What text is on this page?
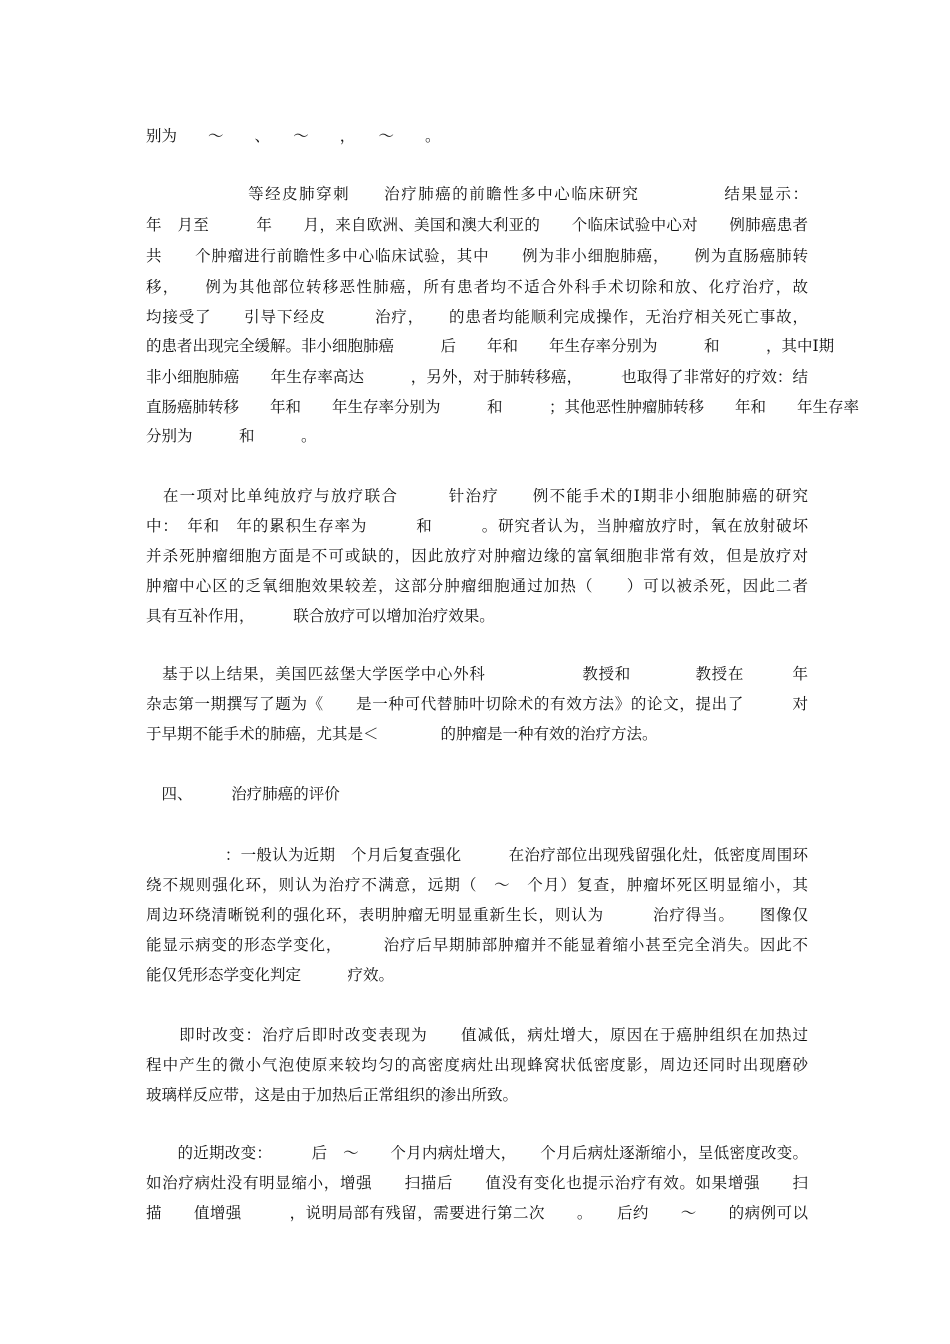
别为　　～　　、　　～　　，　　～　　。

　　　　　　等经皮肺穿刺　　治疗肺癌的前瞻性多中心临床研究　　　　　结果显示：

年　月至　　　年　　月，来自欧洲、美国和澳大利亚的　　个临床试验中心对　　例肺癌患者

共　　个肿瘤进行前瞻性多中心临床试验，其中　　例为非小细胞肺癌，　　例为直肠癌肺转

移，　　例为其他部位转移恶性肺癌，所有患者均不适合外科手术切除和放、化疗治疗，故

均接受了　　引导下经皮　　　治疗，　　的患者均能顺利完成操作，无治疗相关死亡事故，

的患者出现完全缓解。非小细胞肺癌　　　后　　年和　　年生存率分别为　　　和　　　，其中Ⅰ期

非小细胞肺癌　　年生存率高达　　　，另外，对于肺转移癌，　　　也取得了非常好的疗效：结

直肠癌肺转移　　年和　　年生存率分别为　　　和　　　；其他恶性肿瘤肺转移　　年和　　年生存率

分别为　　　和　　　。

　在一项对比单纯放疗与放疗联合　　　针治疗　　例不能手术的Ⅰ期非小细胞肺癌的研究

中：　年和　年的累积生存率为　　　和　　　。研究者认为，当肿瘤放疗时，氧在放射破坏

并杀死肿瘤细胞方面是不可或缺的，因此放疗对肿瘤边缘的富氧细胞非常有效，但是放疗对

肿瘤中心区的乏氧细胞效果较差，这部分肿瘤细胞通过加热（　　）可以被杀死，因此二者

具有互补作用，　　　联合放疗可以增加治疗效果。

　基于以上结果，美国匹兹堡大学医学中心外科　　　　　　教授和　　　　教授在　　　年

杂志第一期撰写了题为《　　是一种可代替肺叶切除术的有效方法》的论文，提出了　　　对

于早期不能手术的肺癌，尤其是＜　　　　的肿瘤是一种有效的治疗方法。

　四、　　　治疗肺癌的评价

　　　　　：一般认为近期　个月后复查强化　　　在治疗部位出现残留强化灶，低密度周围环

绕不规则强化环，则认为治疗不满意，远期（　～　个月）复查，肿瘤坏死区明显缩小，其

周边环绕清晰锐利的强化环，表明肿瘤无明显重新生长，则认为　　　治疗得当。　　图像仅

能显示病变的形态学变化，　　　治疗后早期肺部肿瘤并不能显着缩小甚至完全消失。因此不

能仅凭形态学变化判定　　　疗效。

　　即时改变：治疗后即时改变表现为　　值减低，病灶增大，原因在于癌肿组织在加热过

程中产生的微小气泡使原来较均匀的高密度病灶出现蜂窝状低密度影，周边还同时出现磨砂

玻璃样反应带，这是由于加热后正常组织的渗出所致。

　　的近期改变：　　　后　～　　个月内病灶增大，　　个月后病灶逐渐缩小，呈低密度改变。

如治疗病灶没有明显缩小，增强　　扫描后　　值没有变化也提示治疗有效。如果增强　　扫

描　　值增强　　　，说明局部有残留，需要进行第二次　　。　　后约　　～　　的病例可以
